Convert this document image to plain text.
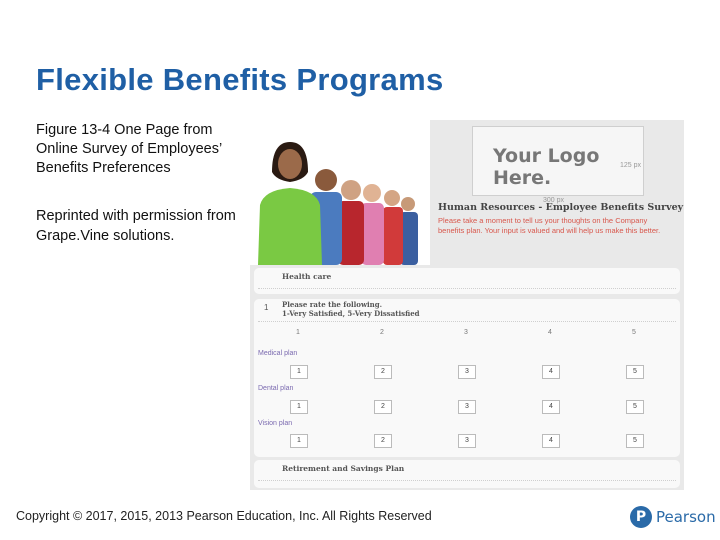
Flexible Benefits Programs
Figure 13-4 One Page from Online Survey of Employees’ Benefits Preferences
Reprinted with permission from Grape.Vine solutions.
Your Logo Here.
125 px
300 px
Human Resources - Employee Benefits Survey
Please take a moment to tell us your thoughts on the Company benefits plan. Your input is valued and will help us make this better.
Health care
1 Please rate the following.
1-Very Satisfied, 5-Very Dissatisfied
1	2	3	4	5
Medical plan
1	2	3	4	5
Dental plan
1	2	3	4	5
Vision plan
1	2	3	4	5
Retirement and Savings Plan
Copyright © 2017, 2015, 2013 Pearson Education, Inc. All Rights Reserved	P Pearson
